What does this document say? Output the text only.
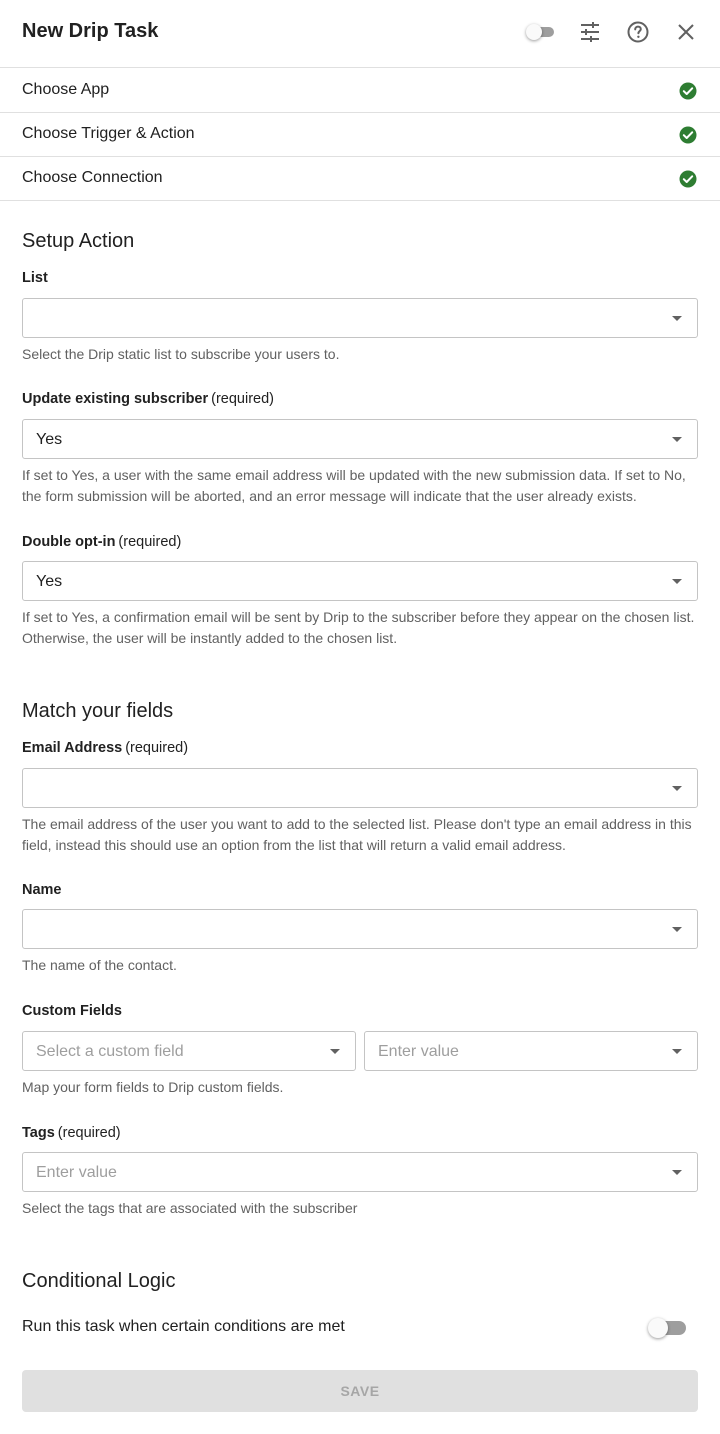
New Drip Task
Choose App
Choose Trigger & Action
Choose Connection
Setup Action
List
Select the Drip static list to subscribe your users to.
Update existing subscriber (required)
Yes
If set to Yes, a user with the same email address will be updated with the new submission data. If set to No, the form submission will be aborted, and an error message will indicate that the user already exists.
Double opt-in (required)
Yes
If set to Yes, a confirmation email will be sent by Drip to the subscriber before they appear on the chosen list. Otherwise, the user will be instantly added to the chosen list.
Match your fields
Email Address (required)
The email address of the user you want to add to the selected list. Please don't type an email address in this field, instead this should use an option from the list that will return a valid email address.
Name
The name of the contact.
Custom Fields
Select a custom field	Enter value
Map your form fields to Drip custom fields.
Tags (required)
Enter value
Select the tags that are associated with the subscriber
Conditional Logic
Run this task when certain conditions are met
SAVE
